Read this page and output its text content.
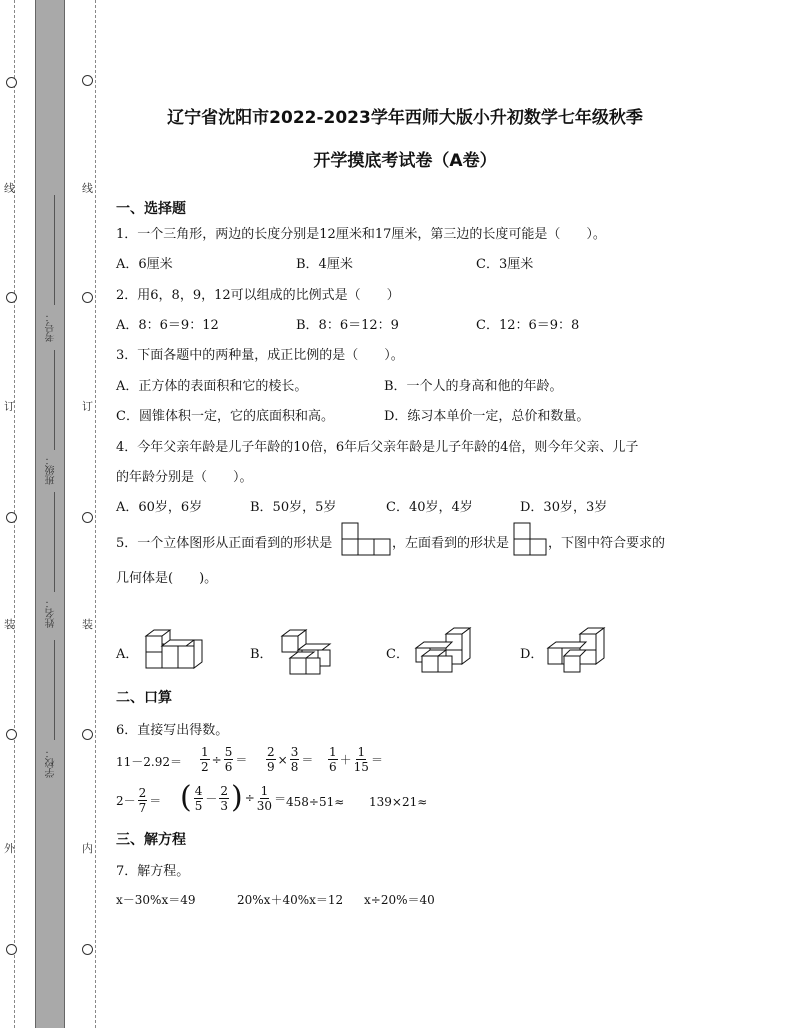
线
订
装
外
线
订
装
内
考号：
班级：
姓名：
学校：
辽宁省沈阳市2022-2023学年西师大版小升初数学七年级秋季
开学摸底考试卷（A卷）
一、选择题
1．一个三角形，两边的长度分别是12厘米和17厘米，第三边的长度可能是（　　）。
A．6厘米	B．4厘米	C．3厘米
2．用6，8，9，12可以组成的比例式是（　　）
A．8：6＝9：12	B．8：6＝12：9	C．12：6＝9：8
3．下面各题中的两种量，成正比例的是（　　）。
A．正方体的表面积和它的棱长。	B．一个人的身高和他的年龄。
C．圆锥体积一定，它的底面积和高。	D．练习本单价一定，总价和数量。
4．今年父亲年龄是儿子年龄的10倍，6年后父亲年龄是儿子年龄的4倍，则今年父亲、儿子
的年龄分别是（　　）。
A．60岁，6岁	B．50岁，5岁	C．40岁，4岁	D．30岁，3岁
5．一个立体图形从正面看到的形状是	，左面看到的形状是	，下图中符合要求的
几何体是(　　)。
A．	B．	C．	D．
二、口算
6．直接写出得数。
$11-2.92= \frac{1}{2} \div \frac{5}{6} = \frac{2}{9} \times \frac{3}{8} = \frac{1}{6} + \frac{1}{15}$ ＝
$2- \frac{2}{7}$ ＝ ( $\frac{4}{5} - \frac{2}{3}$ ) ÷ $\frac{1}{30} = 458\div 51\approx 139\times 21\approx$
三、解方程
7．解方程。
x－30%x＝49	20%x＋40%x＝12 x÷20%＝40
